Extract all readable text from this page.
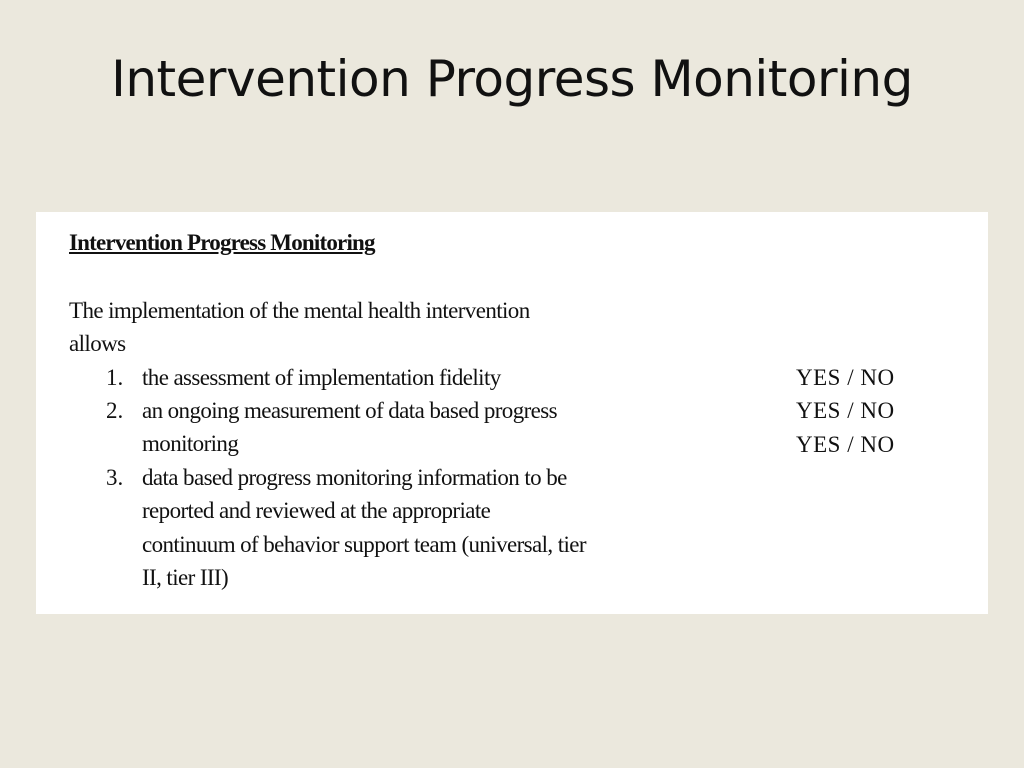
Intervention Progress Monitoring
Intervention Progress Monitoring
The implementation of the mental health intervention
allows
1. the assessment of implementation fidelity
2. an ongoing measurement of data based progress
monitoring
3. data based progress monitoring information to be
reported and reviewed at the appropriate
continuum of behavior support team (universal, tier
II, tier III)
YES / NO
YES / NO
YES / NO
